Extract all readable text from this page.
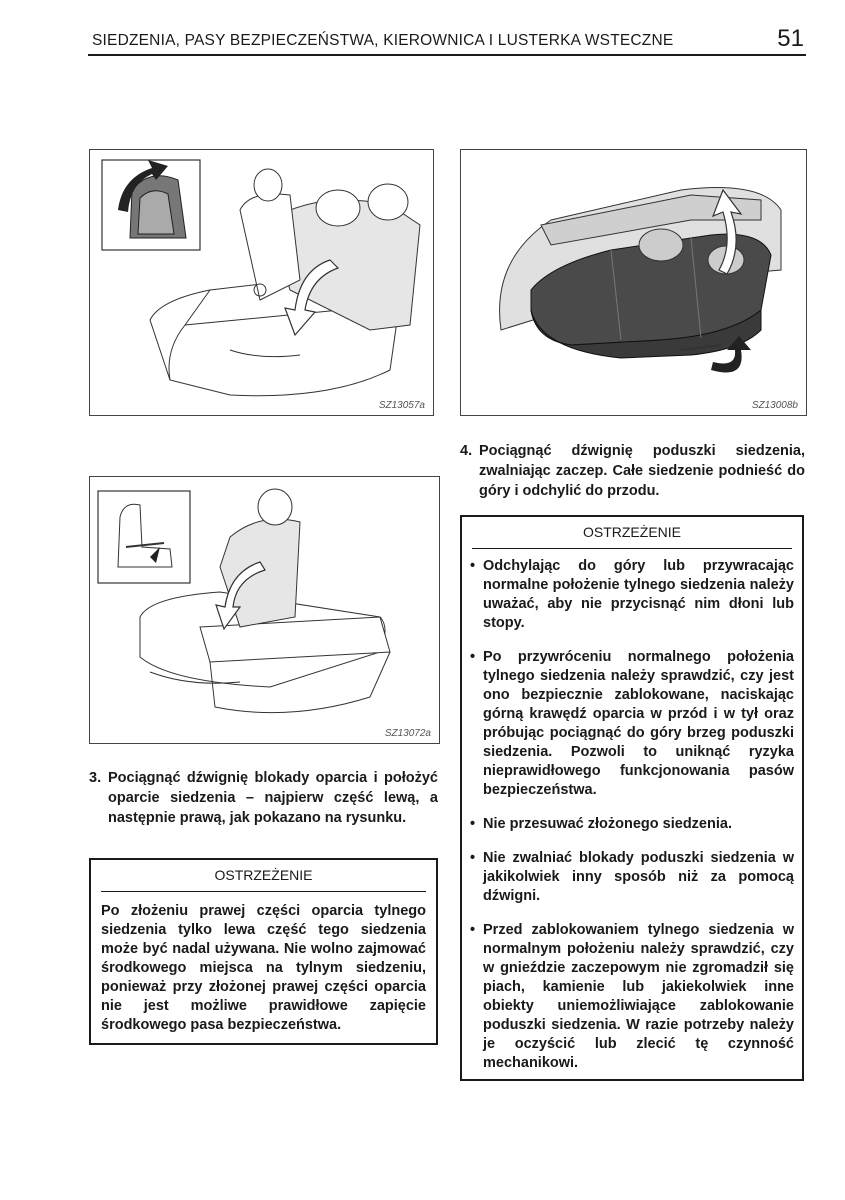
SIEDZENIA, PASY BEZPIECZEŃSTWA, KIEROWNICA I LUSTERKA WSTECZNE	51
SZ13057a	SZ13008b
SZ13072a
4. Pociągnąć dźwignię poduszki siedzenia, zwalniając zaczep. Całe siedzenie podnieść do góry i odchylić do przodu.
3. Pociągnąć dźwignię blokady oparcia i położyć oparcie siedzenia – najpierw część lewą, a następnie prawą, jak pokazano na rysunku.
OSTRZEŻENIE
Po złożeniu prawej części oparcia tylnego siedzenia tylko lewa część tego siedzenia może być nadal używana. Nie wolno zajmować środkowego miejsca na tylnym siedzeniu, ponieważ przy złożonej prawej części oparcia nie jest możliwe prawidłowe zapięcie środkowego pasa bezpieczeństwa.
OSTRZEŻENIE
• Odchylając do góry lub przywracając normalne położenie tylnego siedzenia należy uważać, aby nie przycisnąć nim dłoni lub stopy.
• Po przywróceniu normalnego położenia tylnego siedzenia należy sprawdzić, czy jest ono bezpiecznie zablokowane, naciskając górną krawędź oparcia w przód i w tył oraz próbując pociągnąć do góry brzeg poduszki siedzenia. Pozwoli to uniknąć ryzyka nieprawidłowego funkcjonowania pasów bezpieczeństwa.
• Nie przesuwać złożonego siedzenia.
• Nie zwalniać blokady poduszki siedzenia w jakikolwiek inny sposób niż za pomocą dźwigni.
• Przed zablokowaniem tylnego siedzenia w normalnym położeniu należy sprawdzić, czy w gnieździe zaczepowym nie zgromadził się piach, kamienie lub jakiekolwiek inne obiekty uniemożliwiające zablokowanie poduszki siedzenia. W razie potrzeby należy je oczyścić lub zlecić tę czynność mechanikowi.
